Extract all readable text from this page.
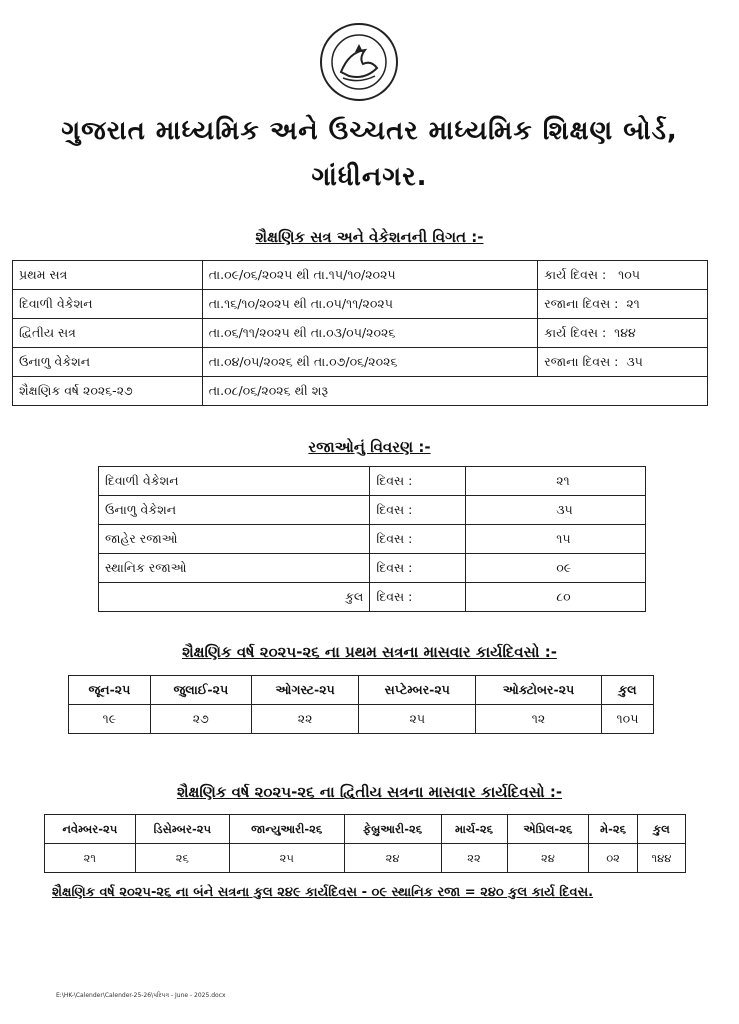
ગુજરાત માધ્યમિક અને ઉચ્ચતર માધ્યમિક શિક્ષણ બોર્ડ,
ગાંધીનગર.
શૈક્ષણિક સત્ર અને વેકેશનની વિગત :-
પ્રથમ સત્ર	તા.૦૯/૦૬/૨૦૨૫ થી તા.૧૫/૧૦/૨૦૨૫	કાર્ય દિવસ :   ૧૦૫
દિવાળી વેકેશન	તા.૧૬/૧૦/૨૦૨૫ થી તા.૦૫/૧૧/૨૦૨૫	રજાના દિવસ :  ૨૧
દ્વિતીય સત્ર	તા.૦૬/૧૧/૨૦૨૫ થી તા.૦૩/૦૫/૨૦૨૬	કાર્ય દિવસ :  ૧૪૪
ઉનાળુ વેકેશન	તા.૦૪/૦૫/૨૦૨૬ થી તા.૦૭/૦૬/૨૦૨૬	રજાના દિવસ :  ૩૫
શૈક્ષણિક વર્ષ ૨૦૨૬-૨૭	તા.૦૮/૦૬/૨૦૨૬ થી શરૂ	
રજાઓનું વિવરણ :-
દિવાળી વેકેશન	દિવસ :	૨૧
ઉનાળુ વેકેશન	દિવસ :	૩૫
જાહેર રજાઓ	દિવસ :	૧૫
સ્થાનિક રજાઓ	દિવસ :	૦૯
કુલ	દિવસ :	૮૦
શૈક્ષણિક વર્ષ ૨૦૨૫-૨૬ ના પ્રથમ સત્રના માસવાર કાર્યદિવસો :-
જૂન-૨૫	જુલાઈ-૨૫	ઓગસ્ટ-૨૫	સપ્ટેમ્બર-૨૫	ઓક્ટોબર-૨૫	કુલ
૧૯	૨૭	૨૨	૨૫	૧૨	૧૦૫
શૈક્ષણિક વર્ષ ૨૦૨૫-૨૬ ના દ્વિતીય સત્રના માસવાર કાર્યદિવસો :-
નવેમ્બર-૨૫	ડિસેમ્બર-૨૫	જાન્યુઆરી-૨૬	ફેબ્રુઆરી-૨૬	માર્ચ-૨૬	એપ્રિલ-૨૬	મે-૨૬	કુલ
૨૧	૨૬	૨૫	૨૪	૨૨	૨૪	૦૨	૧૪૪
શૈક્ષણિક વર્ષ ૨૦૨૫-૨૬ ના બંને સત્રના કુલ ૨૪૯ કાર્યદિવસ - ૦૯ સ્થાનિક રજા = ૨૪૦ કુલ કાર્ય દિવસ.
E:\HK-\Calender\Calender-25-26\પરિપત્ર - June - 2025.docx
